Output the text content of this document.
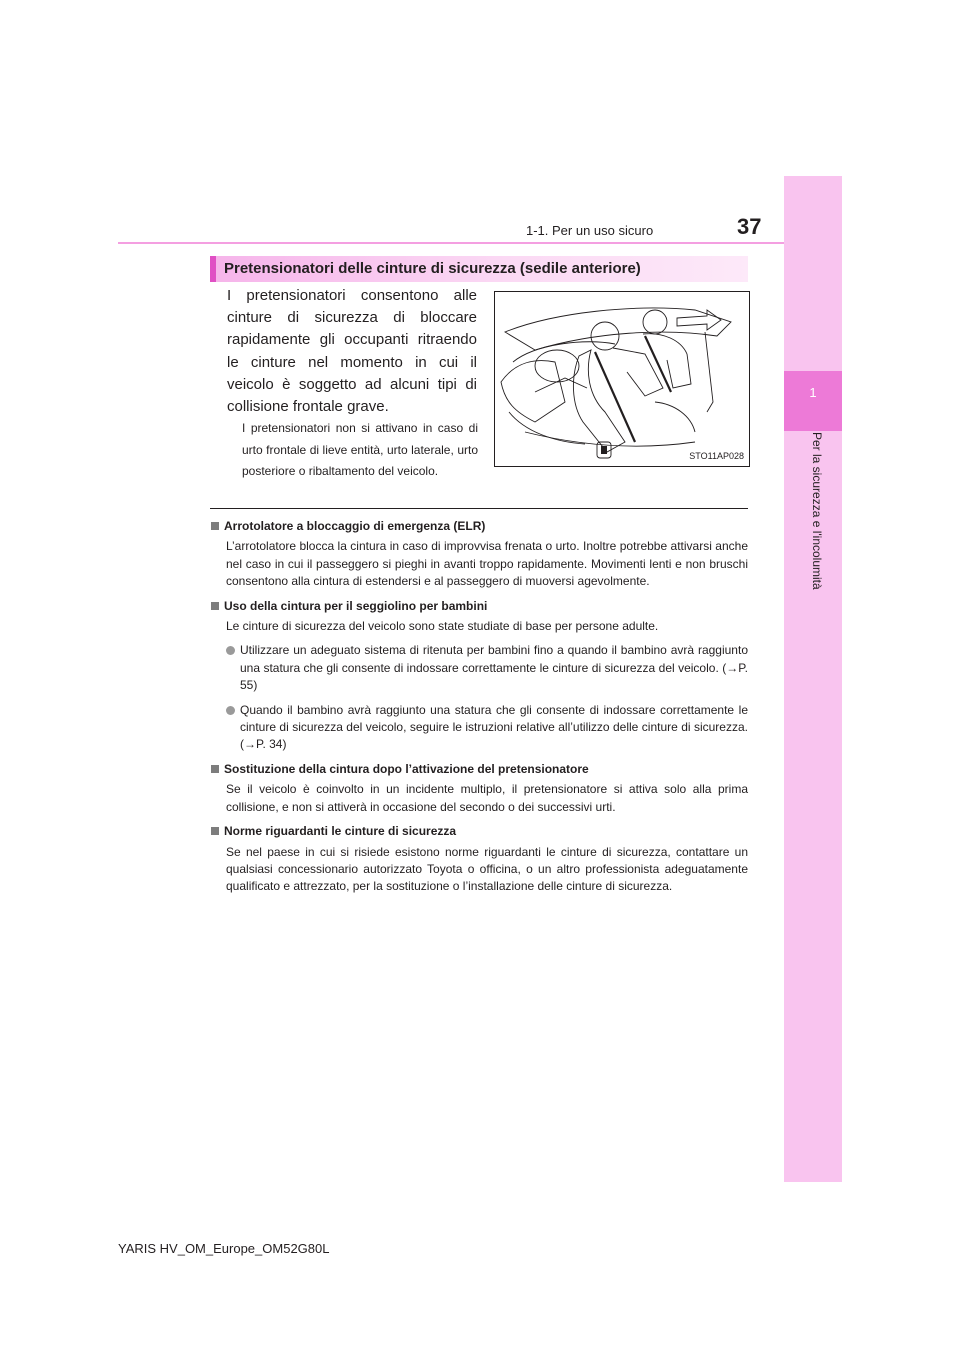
1
Per la sicurezza e l'incolumità
1-1. Per un uso sicuro	37
Pretensionatori delle cinture di sicurezza (sedile anteriore)
I pretensionatori consentono alle cinture di sicurezza di bloccare rapidamente gli occupanti ritraendo le cinture nel momento in cui il veicolo è soggetto ad alcuni tipi di collisione frontale grave.
I pretensionatori non si attivano in caso di urto frontale di lieve entità, urto laterale, urto posteriore o ribaltamento del veicolo.
STO11AP028
Arrotolatore a bloccaggio di emergenza (ELR)
L’arrotolatore blocca la cintura in caso di improvvisa frenata o urto. Inoltre potrebbe attivarsi anche nel caso in cui il passeggero si pieghi in avanti troppo rapidamente. Movimenti lenti e non bruschi consentono alla cintura di estendersi e al passeggero di muoversi agevolmente.
Uso della cintura per il seggiolino per bambini
Le cinture di sicurezza del veicolo sono state studiate di base per persone adulte.
Utilizzare un adeguato sistema di ritenuta per bambini fino a quando il bambino avrà raggiunto una statura che gli consente di indossare correttamente le cinture di sicurezza del veicolo. (→P. 55)
Quando il bambino avrà raggiunto una statura che gli consente di indossare correttamente le cinture di sicurezza del veicolo, seguire le istruzioni relative all’utilizzo delle cinture di sicurezza. (→P. 34)
Sostituzione della cintura dopo l’attivazione del pretensionatore
Se il veicolo è coinvolto in un incidente multiplo, il pretensionatore si attiva solo alla prima collisione, e non si attiverà in occasione del secondo o dei successivi urti.
Norme riguardanti le cinture di sicurezza
Se nel paese in cui si risiede esistono norme riguardanti le cinture di sicurezza, contattare un qualsiasi concessionario autorizzato Toyota o officina, o un altro professionista adeguatamente qualificato e attrezzato, per la sostituzione o l’installazione delle cinture di sicurezza.
YARIS HV_OM_Europe_OM52G80L
